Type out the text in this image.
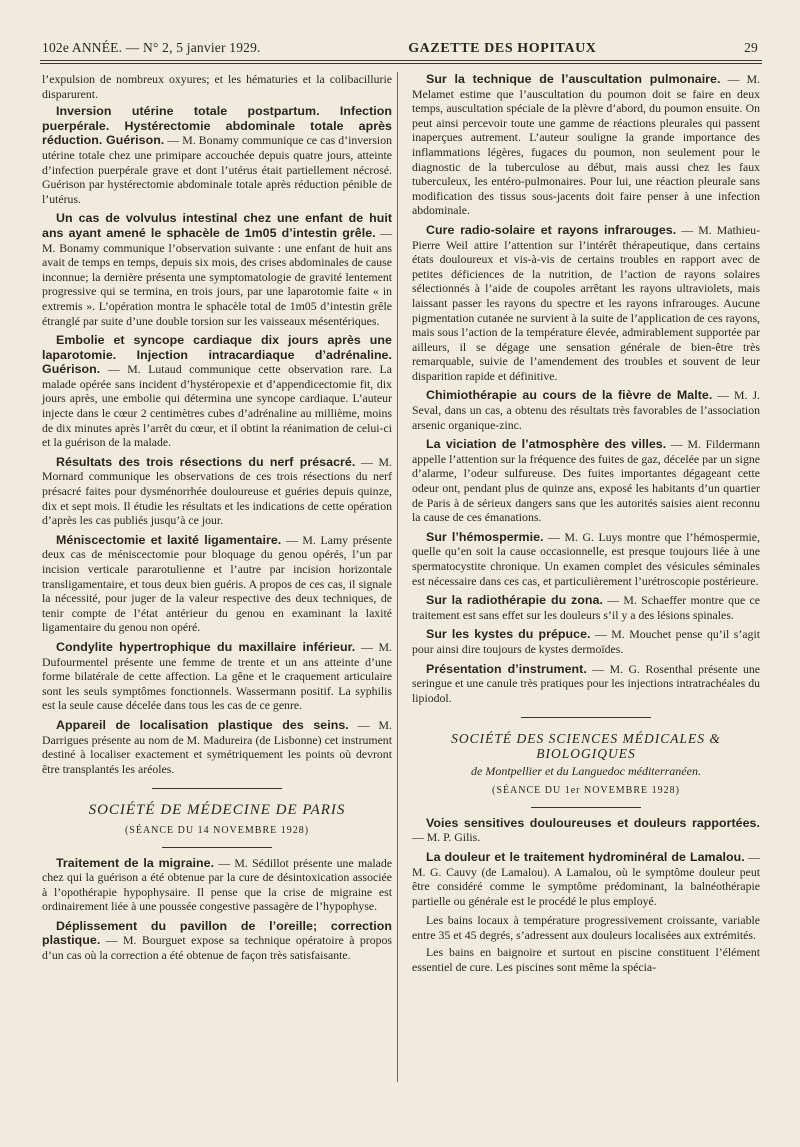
102e ANNÉE. — N° 2, 5 janvier 1929.	GAZETTE DES HOPITAUX	29

l’expulsion de nombreux oxyures; et les hématuries et la colibacillurie disparurent.

Inversion utérine totale postpartum. Infection puerpérale. Hystérectomie abdominale totale après réduction. Guérison. — M. Bonamy communique ce cas d’inversion utérine totale chez une primipare accouchée depuis quatre jours, atteinte d’infection puerpérale grave et dont l’utérus était partiellement nécrosé. Guérison par hystérectomie abdominale totale après réduction pénible de l’utérus.

Un cas de volvulus intestinal chez une enfant de huit ans ayant amené le sphacèle de 1m05 d’intestin grêle. — M. Bonamy communique l’observation suivante : une enfant de huit ans avait de temps en temps, depuis six mois, des crises abdominales de cause inconnue; la dernière présenta une symptomatologie de gravité lentement progressive qui se termina, en trois jours, par une laparotomie faite « in extremis ». L’opération montra le sphacèle total de 1m05 d’intestin grêle étranglé par suite d’une double torsion sur les vaisseaux mésentériques.

Embolie et syncope cardiaque dix jours après une laparotomie. Injection intracardiaque d’adrénaline. Guérison. — M. Lutaud communique cette observation rare. La malade opérée sans incident d’hystéropexie et d’appendicectomie fit, dix jours après, une embolie qui détermina une syncope cardiaque. L’auteur injecte dans le cœur 2 centimètres cubes d’adrénaline au millième, moins de dix minutes après l’arrêt du cœur, et il obtint la réanimation de celui-ci et la guérison de la malade.

Résultats des trois résections du nerf présacré. — M. Mornard communique les observations de ces trois résections du nerf présacré faites pour dysménorrhée douloureuse et guéries depuis quinze, dix et sept mois. Il étudie les résultats et les indications de cette opération d’après les cas publiés jusqu’à ce jour.

Méniscectomie et laxité ligamentaire. — M. Lamy présente deux cas de méniscectomie pour bloquage du genou opérés, l’un par incision verticale pararotulienne et l’autre par incision horizontale transligamentaire, et tous deux bien guéris. A propos de ces cas, il signale la nécessité, pour juger de la valeur respective des deux techniques, de tenir compte de l’état antérieur du genou en examinant la laxité ligamentaire du genou non opéré.

Condylite hypertrophique du maxillaire inférieur. — M. Dufourmentel présente une femme de trente et un ans atteinte d’une forme bilatérale de cette affection. La gêne et le craquement articulaire sont les seuls symptômes fonctionnels. Wassermann positif. La syphilis est la seule cause décelée dans tous les cas de ce genre.

Appareil de localisation plastique des seins. — M. Darrigues présente au nom de M. Madureira (de Lisbonne) cet instrument destiné à localiser exactement et symétriquement les points où devront être transplantés les aréoles.

SOCIÉTÉ DE MÉDECINE DE PARIS
(SÉANCE DU 14 NOVEMBRE 1928)

Traitement de la migraine. — M. Sédillot présente une malade chez qui la guérison a été obtenue par la cure de désintoxication associée à l’opothérapie hypophysaire. Il pense que la crise de migraine est ordinairement liée à une poussée congestive passagère de l’hypophyse.

Déplissement du pavillon de l’oreille; correction plastique. — M. Bourguet expose sa technique opératoire à propos d’un cas où la correction a été obtenue de façon très satisfaisante.

Sur la technique de l’auscultation pulmonaire. — M. Melamet estime que l’auscultation du poumon doit se faire en deux temps, auscultation spéciale de la plèvre d’abord, du poumon ensuite. On peut ainsi percevoir toute une gamme de réactions pleurales qui passent inaperçues autrement. L’auteur souligne la grande importance des inflammations légères, fugaces du poumon, non seulement pour le diagnostic de la tuberculose au début, mais aussi chez les faux tuberculeux, les entéro-pulmonaires. Pour lui, une réaction pleurale sans modification des tissus sous-jacents doit faire penser à une infection abdominale.

Cure radio-solaire et rayons infrarouges. — M. Mathieu-Pierre Weil attire l’attention sur l’intérêt thérapeutique, dans certains états douloureux et vis-à-vis de certains troubles en rapport avec de petites déficiences de la nutrition, de l’action de rayons solaires sélectionnés à l’aide de coupoles arrêtant les rayons ultraviolets, mais laissant passer les rayons du spectre et les rayons infrarouges. Aucune pigmentation cutanée ne survient à la suite de l’application de ces rayons, mais sous l’action de la température élevée, admirablement supportée par ailleurs, il se dégage une sensation générale de bien-être très remarquable, suivie de l’amendement des troubles et souvent de leur disparition rapide et définitive.

Chimiothérapie au cours de la fièvre de Malte. — M. J. Seval, dans un cas, a obtenu des résultats très favorables de l’association arsenic organique-zinc.

La viciation de l’atmosphère des villes. — M. Fildermann appelle l’attention sur la fréquence des fuites de gaz, décelée par un signe d’alarme, l’odeur sulfureuse. Des fuites importantes dégageant cette odeur ont, pendant plus de quinze ans, exposé les habitants d’un quartier de Paris à de sérieux dangers sans que les autorités saisies aient reconnu la cause de ces émanations.

Sur l’hémospermie. — M. G. Luys montre que l’hémospermie, quelle qu’en soit la cause occasionnelle, est presque toujours liée à une spermatocystite chronique. Un examen complet des vésicules séminales est nécessaire dans ces cas, et particulièrement l’urétroscopie postérieure.

Sur la radiothérapie du zona. — M. Schaeffer montre que ce traitement est sans effet sur les douleurs s’il y a des lésions spinales.

Sur les kystes du prépuce. — M. Mouchet pense qu’il s’agit pour ainsi dire toujours de kystes dermoïdes.

Présentation d’instrument. — M. G. Rosenthal présente une seringue et une canule très pratiques pour les injections intratrachéales du lipiodol.

SOCIÉTÉ DES SCIENCES MÉDICALES & BIOLOGIQUES
de Montpellier et du Languedoc méditerranéen.
(SÉANCE DU 1er NOVEMBRE 1928)

Voies sensitives douloureuses et douleurs rapportées. — M. P. Gilis.

La douleur et le traitement hydrominéral de Lamalou. — M. G. Cauvy (de Lamalou). A Lamalou, où le symptôme douleur peut être considéré comme le symptôme prédominant, la balnéothérapie partielle ou générale est le procédé le plus employé.

Les bains locaux à température progressivement croissante, variable entre 35 et 45 degrés, s’adressent aux douleurs localisées aux extrémités.

Les bains en baignoire et surtout en piscine constituent l’élément essentiel de cure. Les piscines sont même la spécia-
